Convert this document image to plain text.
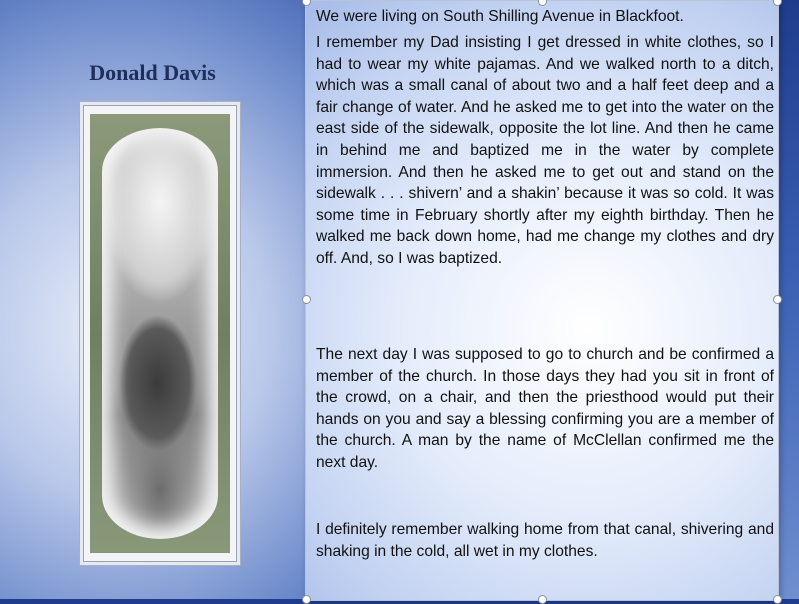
Donald Davis
We were living on South Shilling Avenue in Blackfoot.
I remember my Dad insisting I get dressed in white clothes, so I had to wear my white pajamas. And we walked north to a ditch, which was a small canal of about two and a half feet deep and a fair change of water. And he asked me to get into the water on the east side of the sidewalk, opposite the lot line. And then he came in behind me and baptized me in the water by complete immersion. And then he asked me to get out and stand on the sidewalk . . . shivern’ and a shakin’ because it was so cold. It was some time in February shortly after my eighth birthday. Then he walked me back down home, had me change my clothes and dry off. And, so I was baptized.
The next day I was supposed to go to church and be confirmed a member of the church. In those days they had you sit in front of the crowd, on a chair, and then the priesthood would put their hands on you and say a blessing confirming you are a member of the church. A man by the name of McClellan confirmed me the next day.
I definitely remember walking home from that canal, shivering and shaking in the cold, all wet in my clothes.
